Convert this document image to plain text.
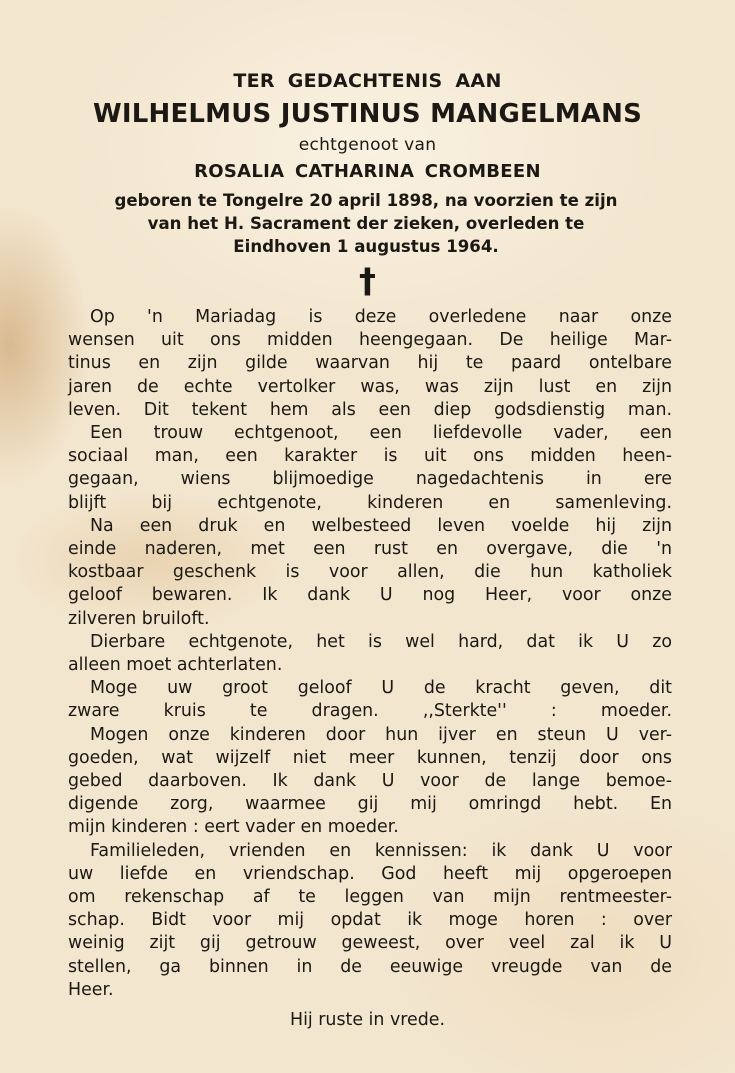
TER GEDACHTENIS AAN
WILHELMUS JUSTINUS MANGELMANS
echtgenoot van
ROSALIA CATHARINA CROMBEEN
geboren te Tongelre 20 april 1898, na voorzien te zijn
van het H. Sacrament der zieken, overleden te
Eindhoven 1 augustus 1964.
†
Op 'n Mariadag is deze overledene naar onze
wensen uit ons midden heengegaan. De heilige Mar-
tinus en zijn gilde waarvan hij te paard ontelbare
jaren de echte vertolker was, was zijn lust en zijn
leven. Dit tekent hem als een diep godsdienstig man.
Een trouw echtgenoot, een liefdevolle vader, een
sociaal man, een karakter is uit ons midden heen-
gegaan, wiens blijmoedige nagedachtenis in ere
blijft bij echtgenote, kinderen en samenleving.
Na een druk en welbesteed leven voelde hij zijn
einde naderen, met een rust en overgave, die 'n
kostbaar geschenk is voor allen, die hun katholiek
geloof bewaren. Ik dank U nog Heer, voor onze
zilveren bruiloft.
Dierbare echtgenote, het is wel hard, dat ik U zo
alleen moet achterlaten.
Moge uw groot geloof U de kracht geven, dit
zware kruis te dragen. ,,Sterkte'' : moeder.
Mogen onze kinderen door hun ijver en steun U ver-
goeden, wat wijzelf niet meer kunnen, tenzij door ons
gebed daarboven. Ik dank U voor de lange bemoe-
digende zorg, waarmee gij mij omringd hebt. En
mijn kinderen : eert vader en moeder.
Familieleden, vrienden en kennissen: ik dank U voor
uw liefde en vriendschap. God heeft mij opgeroepen
om rekenschap af te leggen van mijn rentmeester-
schap. Bidt voor mij opdat ik moge horen : over
weinig zijt gij getrouw geweest, over veel zal ik U
stellen, ga binnen in de eeuwige vreugde van de
Heer.
Hij ruste in vrede.
